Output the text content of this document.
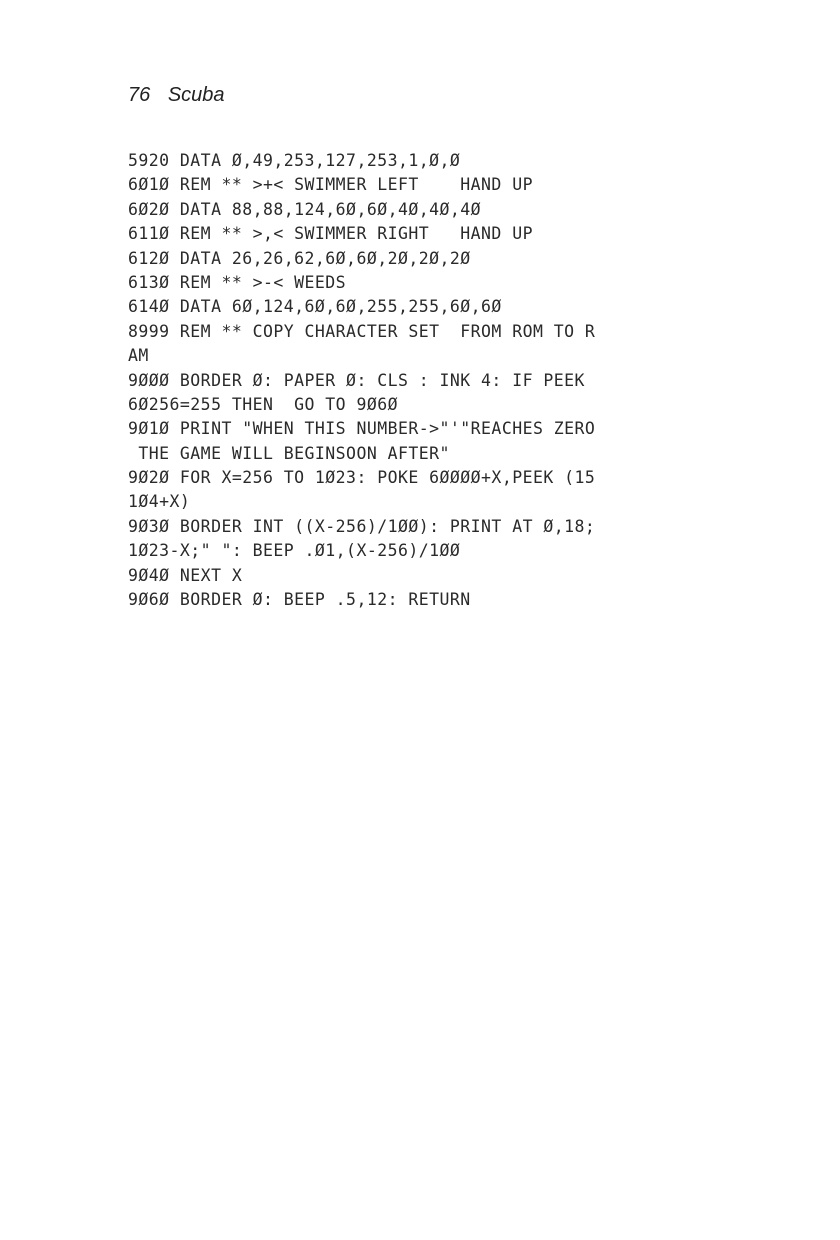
76 Scuba
5920 DATA Ø,49,253,127,253,1,Ø,Ø
6Ø1Ø REM ** >+< SWIMMER LEFT    HAND UP
6Ø2Ø DATA 88,88,124,6Ø,6Ø,4Ø,4Ø,4Ø
611Ø REM ** >,< SWIMMER RIGHT   HAND UP
612Ø DATA 26,26,62,6Ø,6Ø,2Ø,2Ø,2Ø
613Ø REM ** >-< WEEDS
614Ø DATA 6Ø,124,6Ø,6Ø,255,255,6Ø,6Ø
8999 REM ** COPY CHARACTER SET  FROM ROM TO R
AM
9ØØØ BORDER Ø: PAPER Ø: CLS : INK 4: IF PEEK
6Ø256=255 THEN  GO TO 9Ø6Ø
9Ø1Ø PRINT "WHEN THIS NUMBER->"'"REACHES ZERO
THE GAME WILL BEGINSOON AFTER"
9Ø2Ø FOR X=256 TO 1Ø23: POKE 6ØØØØ+X,PEEK (15
1Ø4+X)
9Ø3Ø BORDER INT ((X-256)/1ØØ): PRINT AT Ø,18;
1Ø23-X;" ": BEEP .Ø1,(X-256)/1ØØ
9Ø4Ø NEXT X
9Ø6Ø BORDER Ø: BEEP .5,12: RETURN
